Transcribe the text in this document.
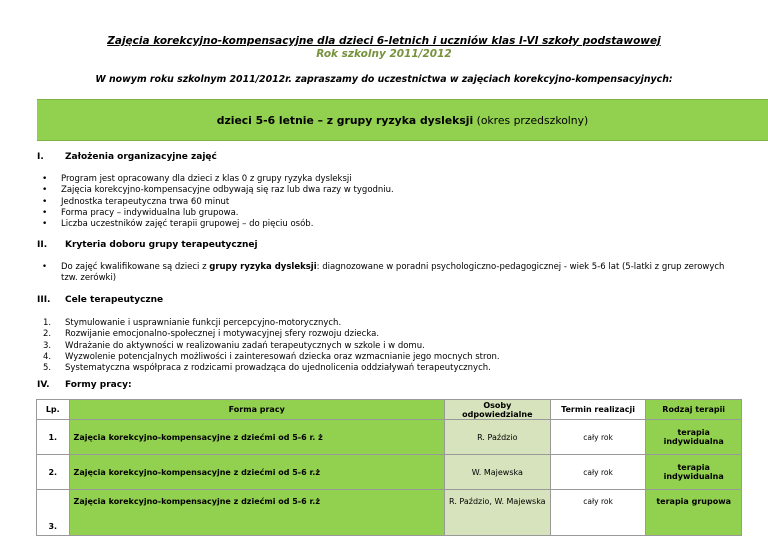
Zajęcia korekcyjno-kompensacyjne dla dzieci 6-letnich i uczniów klas I-VI szkoły podstawowej
Rok szkolny 2011/2012
W nowym roku szkolnym 2011/2012r. zapraszamy do uczestnictwa w zajęciach korekcyjno-kompensacyjnych:
dzieci 5-6 letnie – z grupy ryzyka dysleksji (okres przedszkolny)
I. Założenia organizacyjne zajęć
• Program jest opracowany dla dzieci z klas 0 z grupy ryzyka dysleksji
• Zajęcia korekcyjno-kompensacyjne odbywają się raz lub dwa razy w tygodniu.
• Jednostka terapeutyczna trwa 60 minut
• Forma pracy – indywidualna lub grupowa.
• Liczba uczestników zajęć terapii grupowej – do pięciu osób.
II. Kryteria doboru grupy terapeutycznej
• Do zajęć kwalifikowane są dzieci z grupy ryzyka dysleksji: diagnozowane w poradni psychologiczno-pedagogicznej - wiek 5-6 lat (5-latki z grup zerowych tzw. zerówki)
III. Cele terapeutyczne
1. Stymulowanie i usprawnianie funkcji percepcyjno-motorycznych.
2. Rozwijanie emocjonalno-społecznej i motywacyjnej sfery rozwoju dziecka.
3. Wdrażanie do aktywności w realizowaniu zadań terapeutycznych w szkole i w domu.
4. Wyzwolenie potencjalnych możliwości i zainteresowań dziecka oraz wzmacnianie jego mocnych stron.
5. Systematyczna współpraca z rodzicami prowadząca do ujednolicenia oddziaływań terapeutycznych.
IV. Formy pracy:
Lp.	Forma pracy	Osoby odpowiedzialne	Termin realizacji	Rodzaj terapii
1.	Zajęcia korekcyjno-kompensacyjne z dziećmi od 5-6 r. ż	R. Paździo	cały rok	terapia indywidualna
2.	Zajęcia korekcyjno-kompensacyjne z dziećmi od 5-6 r.ż	W. Majewska	cały rok	terapia indywidualna
3.	Zajęcia korekcyjno-kompensacyjne z dziećmi od 5-6 r.ż	R. Paździo, W. Majewska	cały rok	terapia grupowa
